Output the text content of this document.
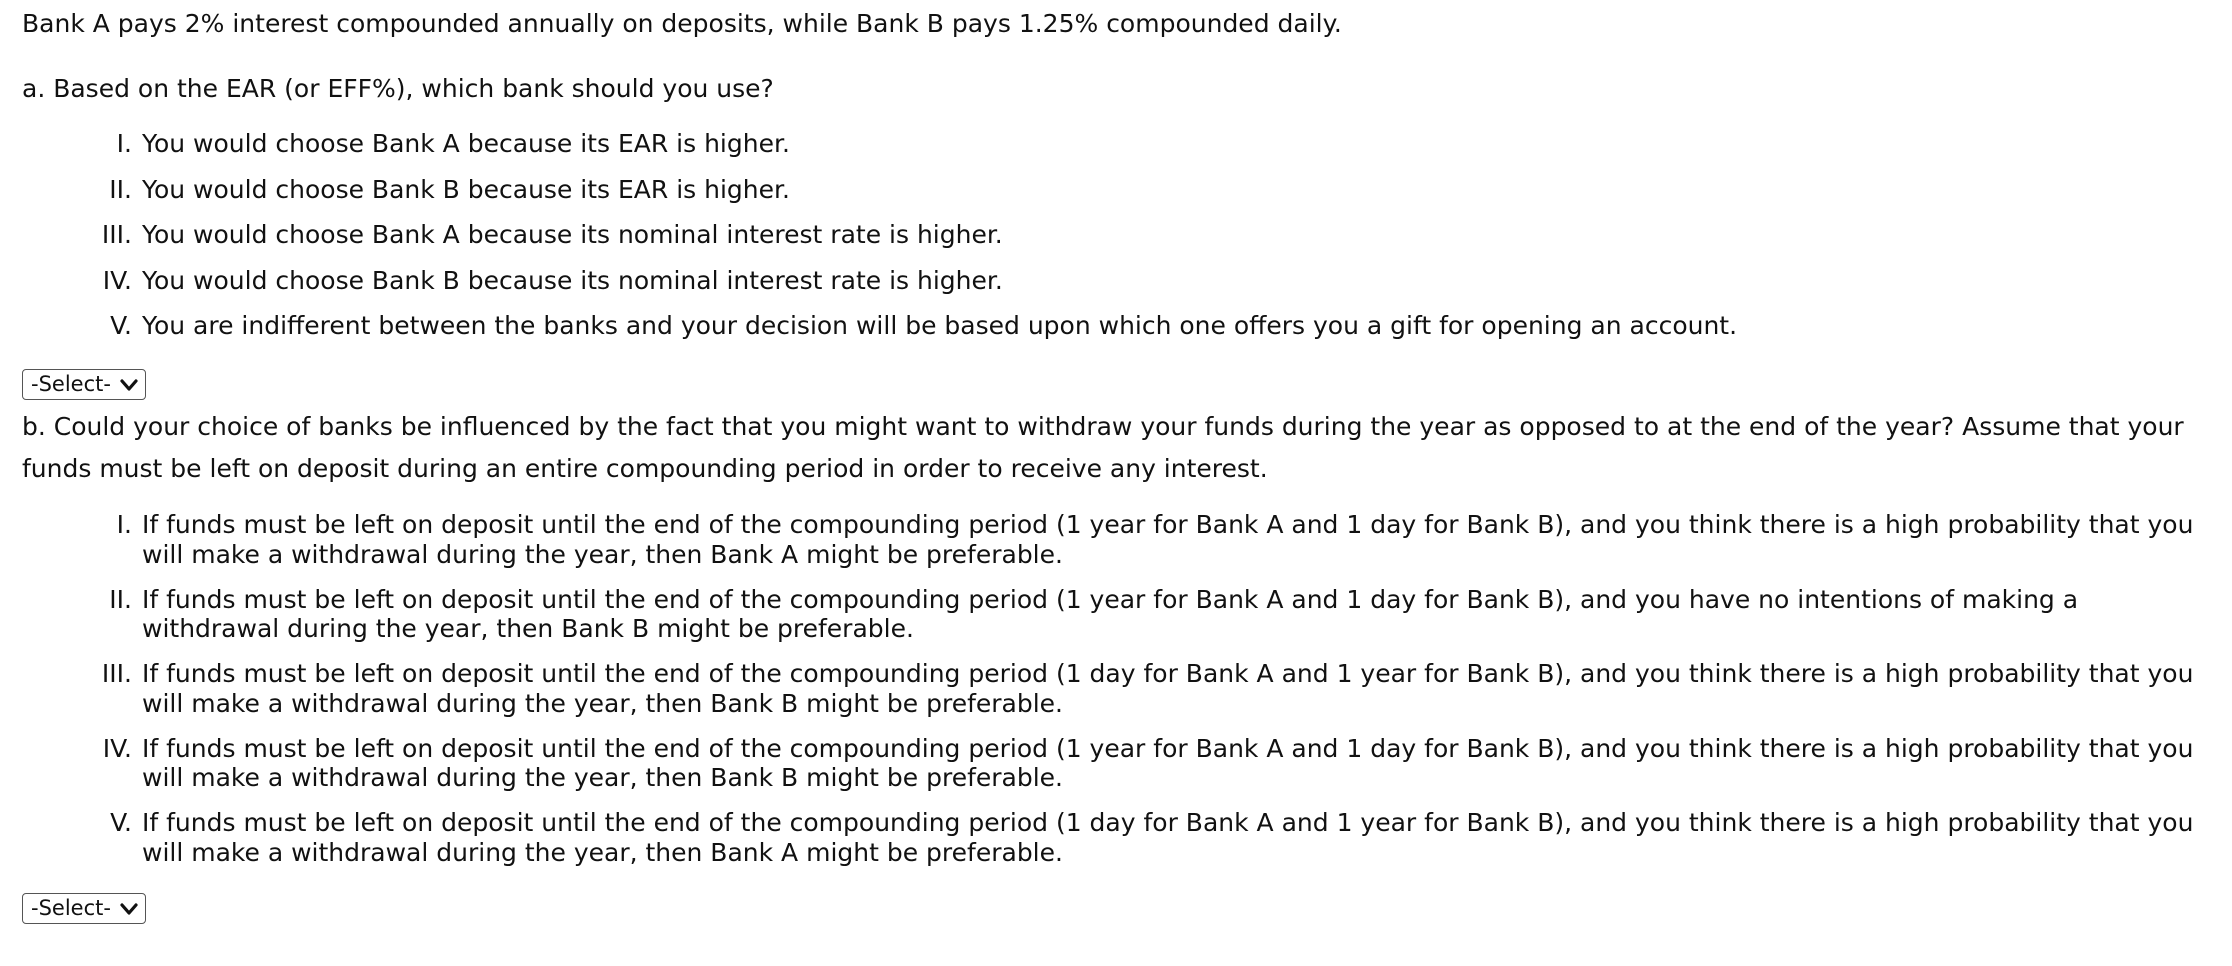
Bank A pays 2% interest compounded annually on deposits, while Bank B pays 1.25% compounded daily.
a. Based on the EAR (or EFF%), which bank should you use?
I. You would choose Bank A because its EAR is higher.
II. You would choose Bank B because its EAR is higher.
III. You would choose Bank A because its nominal interest rate is higher.
IV. You would choose Bank B because its nominal interest rate is higher.
V. You are indifferent between the banks and your decision will be based upon which one offers you a gift for opening an account.
-Select-
b. Could your choice of banks be influenced by the fact that you might want to withdraw your funds during the year as opposed to at the end of the year? Assume that your funds must be left on deposit during an entire compounding period in order to receive any interest.
I. If funds must be left on deposit until the end of the compounding period (1 year for Bank A and 1 day for Bank B), and you think there is a high probability that you will make a withdrawal during the year, then Bank A might be preferable.
II. If funds must be left on deposit until the end of the compounding period (1 year for Bank A and 1 day for Bank B), and you have no intentions of making a withdrawal during the year, then Bank B might be preferable.
III. If funds must be left on deposit until the end of the compounding period (1 day for Bank A and 1 year for Bank B), and you think there is a high probability that you will make a withdrawal during the year, then Bank B might be preferable.
IV. If funds must be left on deposit until the end of the compounding period (1 year for Bank A and 1 day for Bank B), and you think there is a high probability that you will make a withdrawal during the year, then Bank B might be preferable.
V. If funds must be left on deposit until the end of the compounding period (1 day for Bank A and 1 year for Bank B), and you think there is a high probability that you will make a withdrawal during the year, then Bank A might be preferable.
-Select-
